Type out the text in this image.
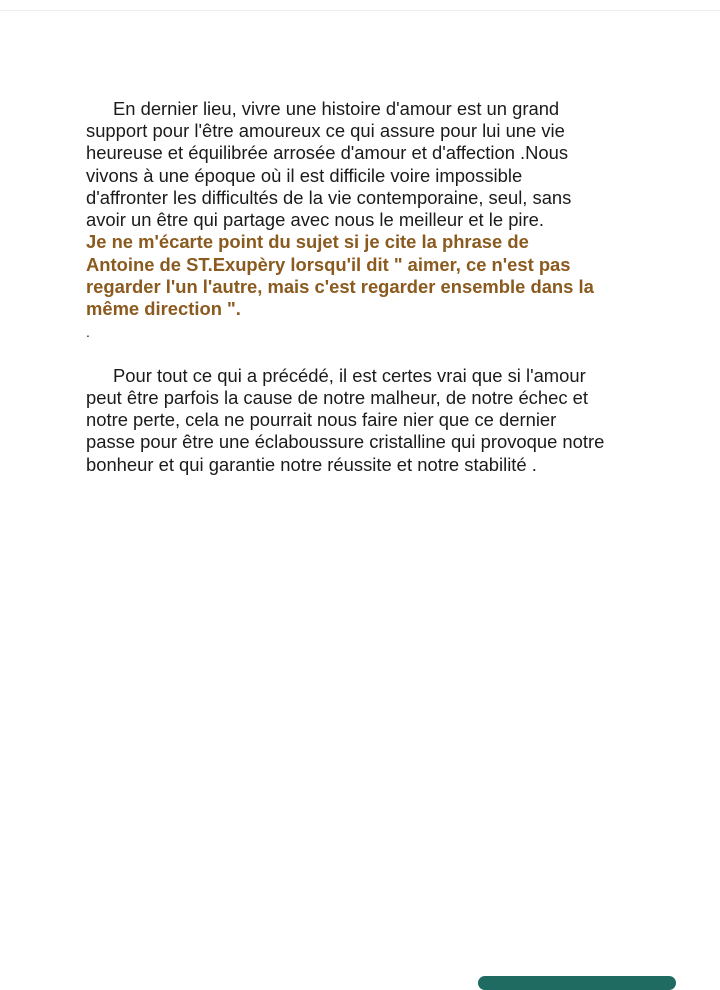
En dernier lieu, vivre une histoire d'amour est un grand
support pour l'être amoureux ce qui assure pour lui une vie
heureuse et équilibrée arrosée d'amour et d'affection .Nous
vivons à une époque où il est difficile voire impossible
d'affronter les difficultés de la vie contemporaine, seul, sans
avoir un être qui partage avec nous le meilleur et le pire.

Je ne m'écarte point du sujet si je cite la phrase de
Antoine de ST.Exupèry lorsqu'il dit " aimer, ce n'est pas
regarder l'un l'autre, mais c'est regarder ensemble dans la
même direction ".

.

Pour tout ce qui a précédé, il est certes vrai que si l'amour
peut être parfois la cause de notre malheur, de notre échec et
notre perte, cela ne pourrait nous faire nier que ce dernier
passe pour être une éclaboussure cristalline qui provoque notre
bonheur et qui garantie notre réussite et notre stabilité .
